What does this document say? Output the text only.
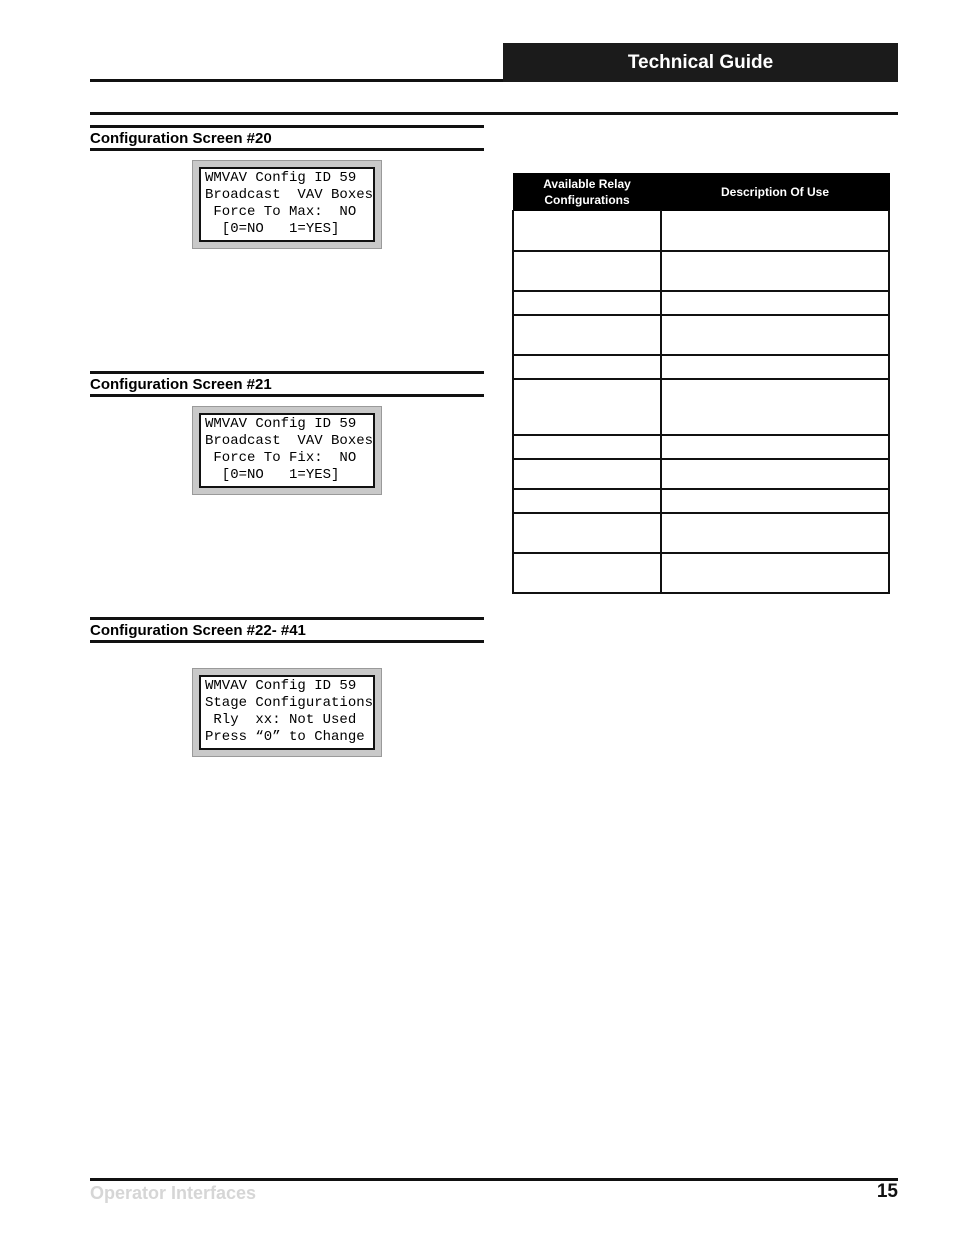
Technical Guide
Configuration Screen #20
WMVAV Config ID 59
Broadcast  VAV Boxes
Force To Max:  NO
[0=NO   1=YES]
Configuration Screen #21
WMVAV Config ID 59
Broadcast  VAV Boxes
Force To Fix:  NO
[0=NO   1=YES]
Configuration Screen #22- #41
WMVAV Config ID 59
Stage Configurations
Rly  xx: Not Used
Press “0” to Change
Available Relay Configurations	Description Of Use

Operator Interfaces	15
